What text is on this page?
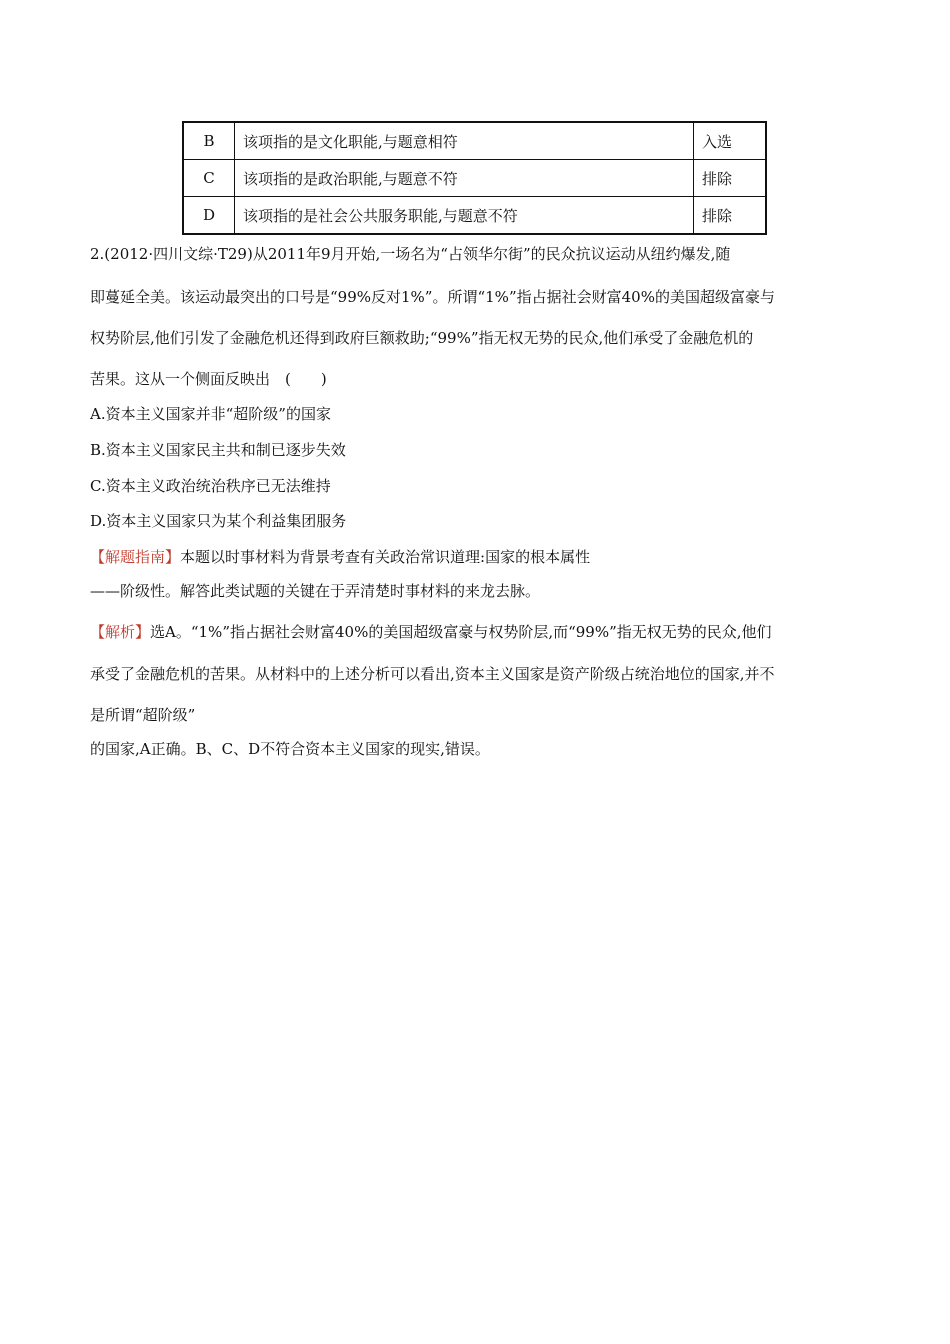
B	该项指的是文化职能,与题意相符	入选
C	该项指的是政治职能,与题意不符	排除
D	该项指的是社会公共服务职能,与题意不符	排除
2.(2012·四川文综·T29)从2011年9月开始,一场名为“占领华尔街”的民众抗议运动从纽约爆发,随
即蔓延全美。该运动最突出的口号是“99%反对1%”。所谓“1%”指占据社会财富40%的美国超级富豪与
权势阶层,他们引发了金融危机还得到政府巨额救助;“99%”指无权无势的民众,他们承受了金融危机的
苦果。这从一个侧面反映出　(　　)
A.资本主义国家并非“超阶级”的国家
B.资本主义国家民主共和制已逐步失效
C.资本主义政治统治秩序已无法维持
D.资本主义国家只为某个利益集团服务
【解题指南】本题以时事材料为背景考查有关政治常识道理:国家的根本属性
——阶级性。解答此类试题的关键在于弄清楚时事材料的来龙去脉。
【解析】选A。“1%”指占据社会财富40%的美国超级富豪与权势阶层,而“99%”指无权无势的民众,他们
承受了金融危机的苦果。从材料中的上述分析可以看出,资本主义国家是资产阶级占统治地位的国家,并不
是所谓“超阶级”
的国家,A正确。B、C、D不符合资本主义国家的现实,错误。
